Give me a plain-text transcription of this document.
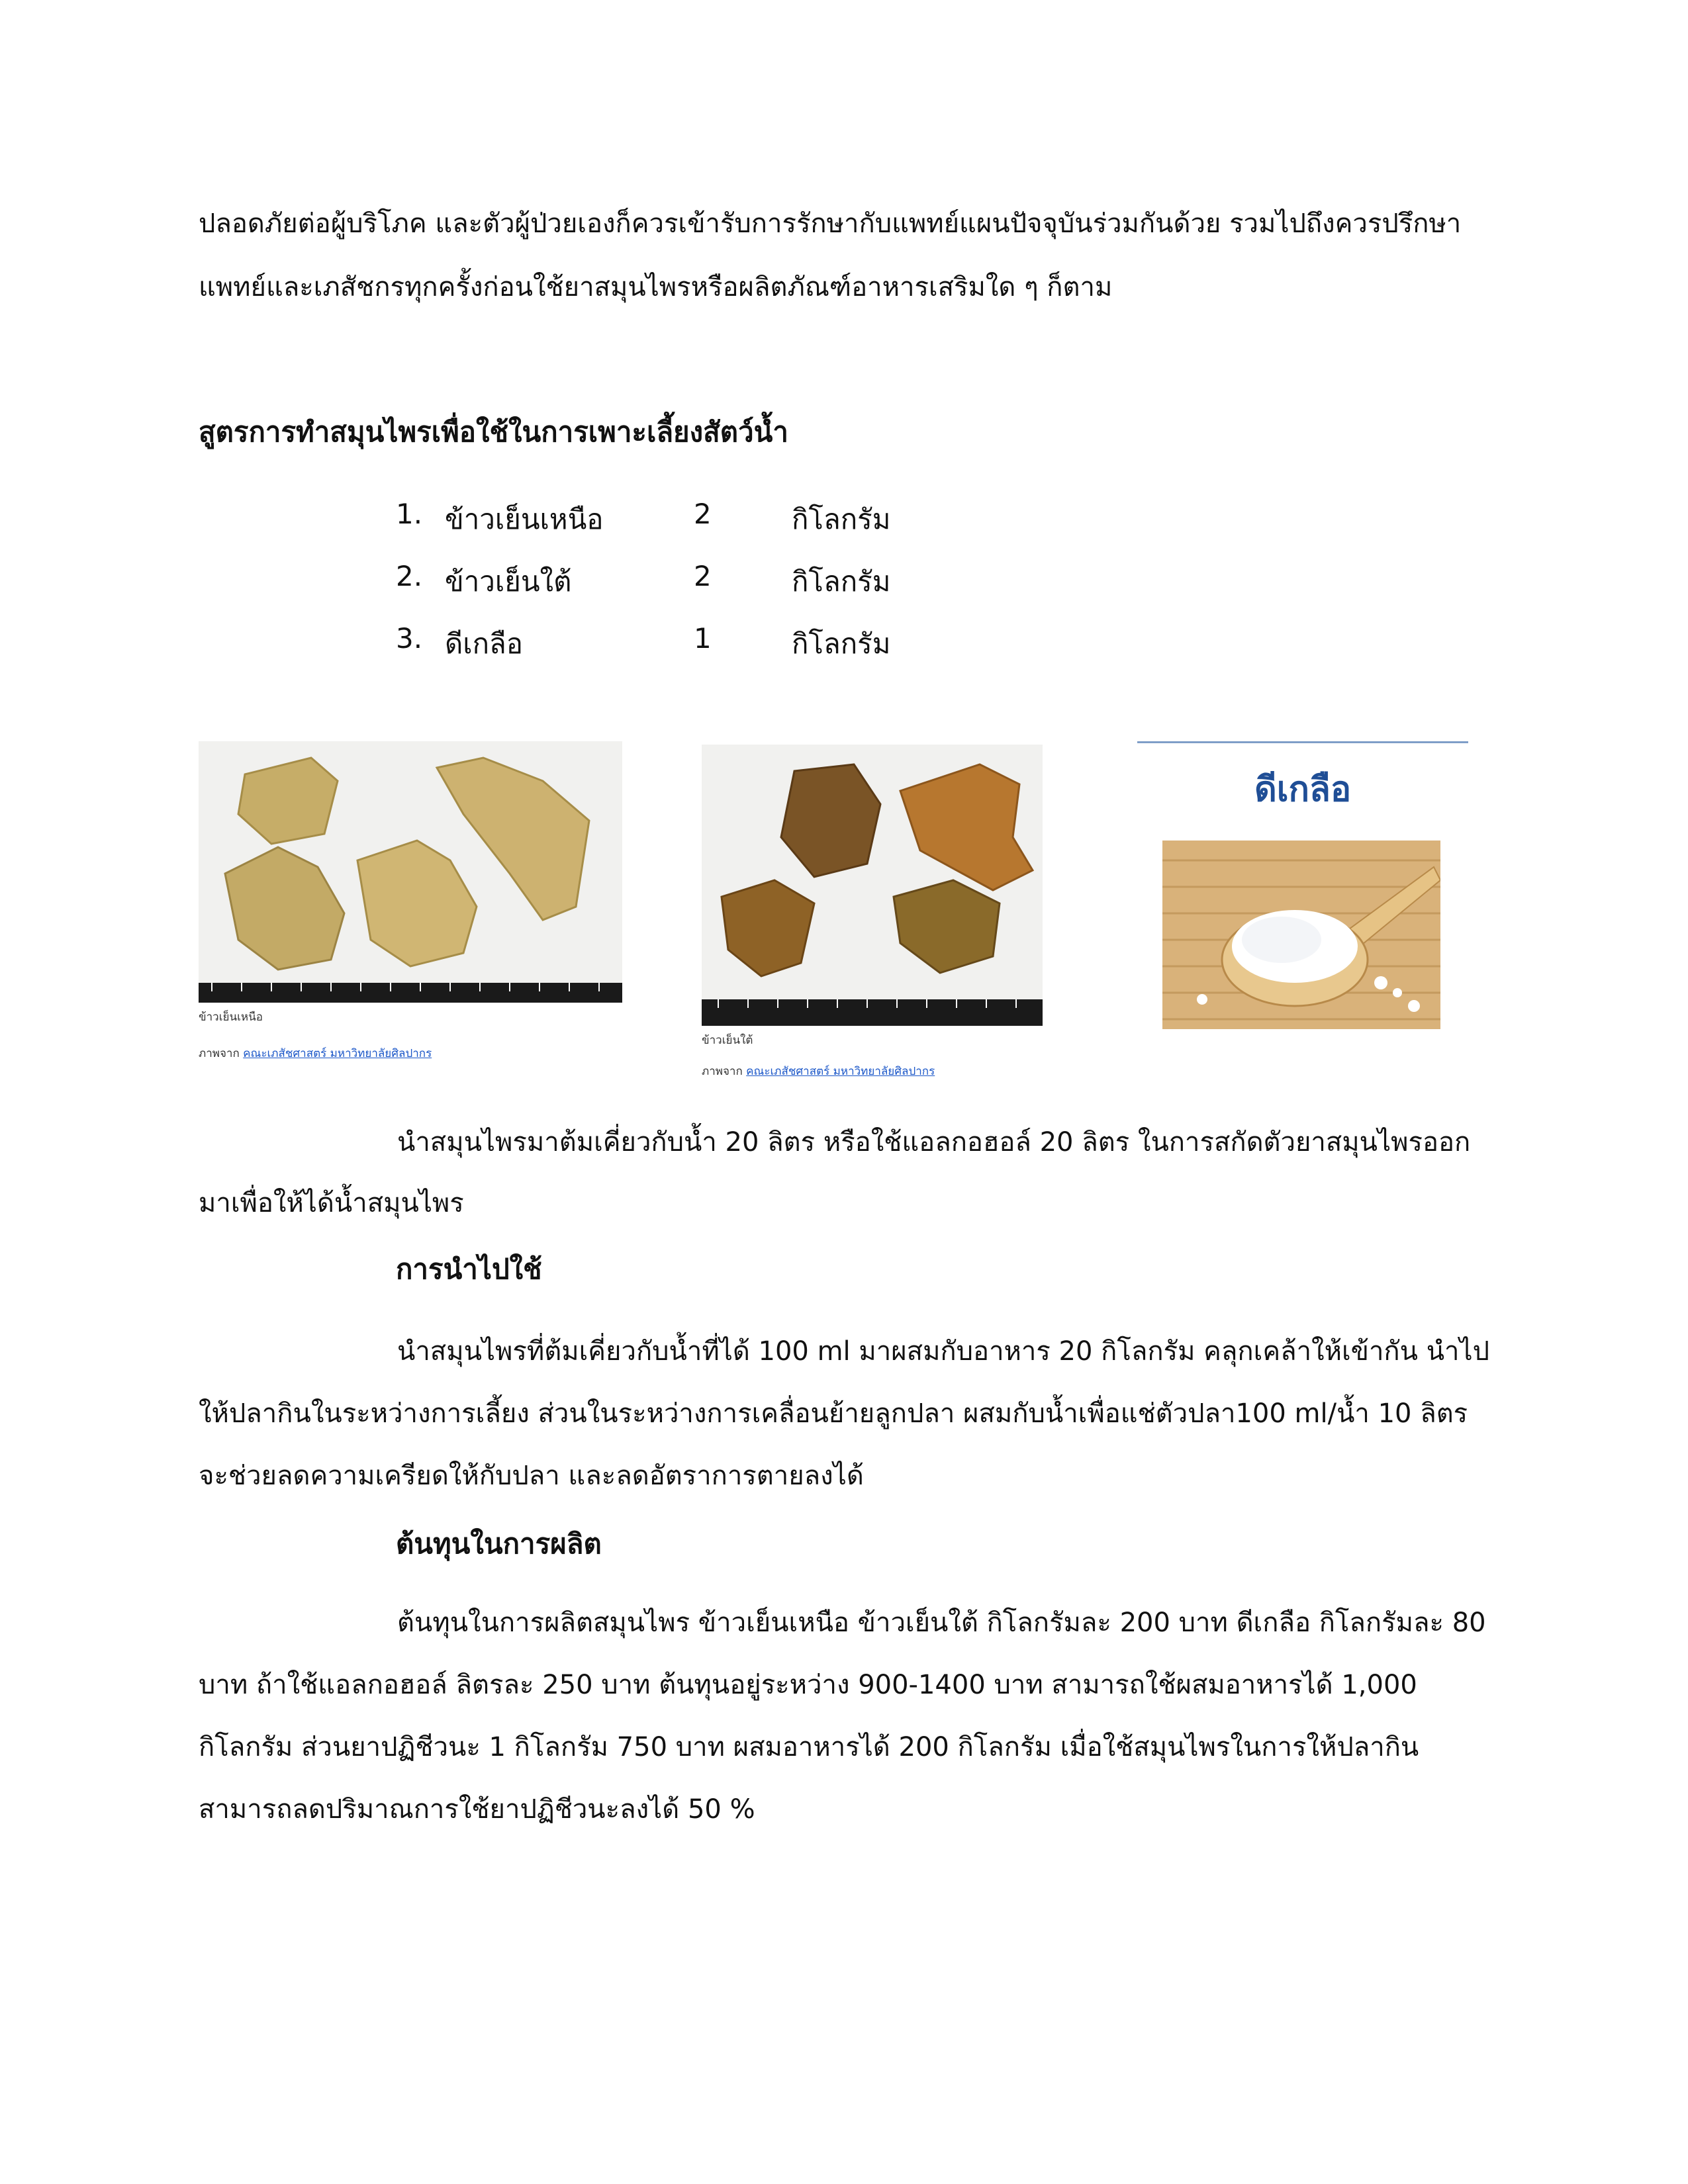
ปลอดภัยต่อผู้บริโภค และตัวผู้ป่วยเองก็ควรเข้ารับการรักษากับแพทย์แผนปัจจุบันร่วมกันด้วย รวมไปถึงควรปรึกษาแพทย์และเภสัชกรทุกครั้งก่อนใช้ยาสมุนไพรหรือผลิตภัณฑ์อาหารเสริมใด ๆ ก็ตาม

สูตรการทำสมุนไพรเพื่อใช้ในการเพาะเลี้ยงสัตว์น้ำ
1. ข้าวเย็นเหนือ	2	กิโลกรัม
2. ข้าวเย็นใต้	2	กิโลกรัม
3. ดีเกลือ	1	กิโลกรัม
ข้าวเย็นเหนือ
ภาพจาก คณะเภสัชศาสตร์ มหาวิทยาลัยศิลปากร
ข้าวเย็นใต้
ภาพจาก คณะเภสัชศาสตร์ มหาวิทยาลัยศิลปากร
ดีเกลือ

นำสมุนไพรมาต้มเคี่ยวกับน้ำ 20 ลิตร หรือใช้แอลกอฮอล์ 20 ลิตร ในการสกัดตัวยาสมุนไพรออกมาเพื่อให้ได้น้ำสมุนไพร

การนำไปใช้

นำสมุนไพรที่ต้มเคี่ยวกับน้ำที่ได้ 100 ml มาผสมกับอาหาร 20 กิโลกรัม คลุกเคล้าให้เข้ากัน นำไปให้ปลากินในระหว่างการเลี้ยง ส่วนในระหว่างการเคลื่อนย้ายลูกปลา ผสมกับน้ำเพื่อแช่ตัวปลา100 ml/น้ำ 10 ลิตร จะช่วยลดความเครียดให้กับปลา และลดอัตราการตายลงได้

ต้นทุนในการผลิต

ต้นทุนในการผลิตสมุนไพร ข้าวเย็นเหนือ ข้าวเย็นใต้ กิโลกรัมละ 200 บาท ดีเกลือ กิโลกรัมละ 80 บาท ถ้าใช้แอลกอฮอล์ ลิตรละ 250 บาท ต้นทุนอยู่ระหว่าง 900-1400 บาท สามารถใช้ผสมอาหารได้ 1,000 กิโลกรัม ส่วนยาปฏิชีวนะ 1 กิโลกรัม 750 บาท ผสมอาหารได้ 200 กิโลกรัม เมื่อใช้สมุนไพรในการให้ปลากิน สามารถลดปริมาณการใช้ยาปฏิชีวนะลงได้ 50 %
